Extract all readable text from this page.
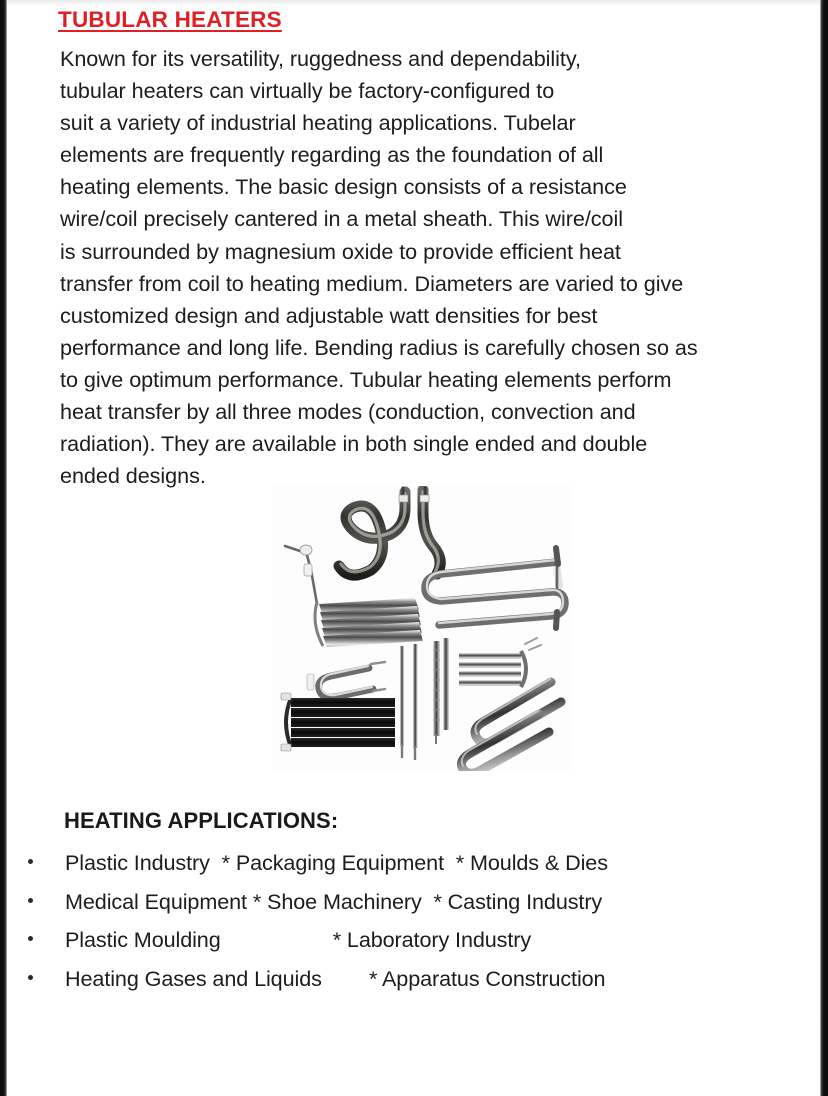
TUBULAR HEATERS
Known for its versatility, ruggedness and dependability,
tubular heaters can virtually be factory-configured to
suit a variety of industrial heating applications. Tubelar
elements are frequently regarding as the foundation of all
heating elements. The basic design consists of a resistance
wire/coil precisely cantered in a metal sheath. This wire/coil
is surrounded by magnesium oxide to provide efficient heat
transfer from coil to heating medium. Diameters are varied to give
customized design and adjustable watt densities for best
performance and long life. Bending radius is carefully chosen so as
to give optimum performance. Tubular heating elements perform
heat transfer by all three modes (conduction, convection and
radiation). They are available in both single ended and double
ended designs.
HEATING APPLICATIONS:
Plastic Industry  * Packaging Equipment  * Moulds & Dies
Medical Equipment * Shoe Machinery  * Casting Industry
Plastic Moulding                   * Laboratory Industry
Heating Gases and Liquids        * Apparatus Construction
